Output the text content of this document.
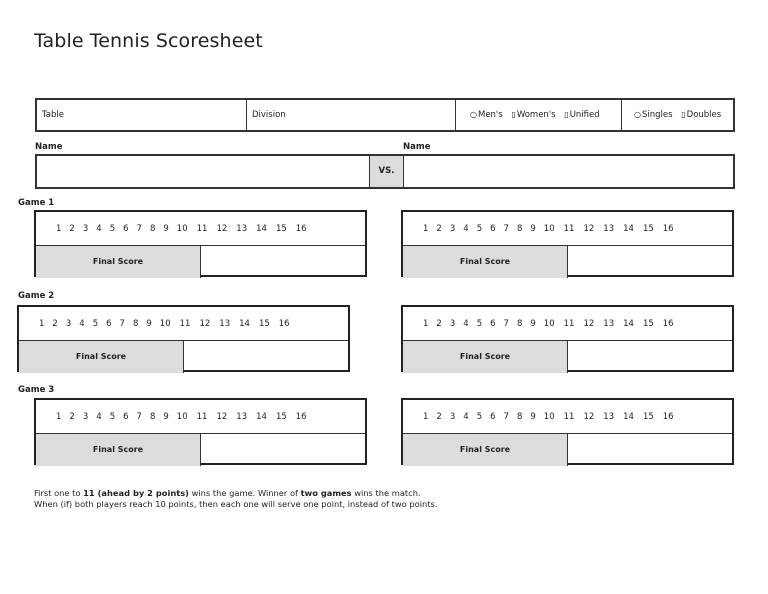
Table Tennis Scoresheet
Table	Division	○Men's ▯Women's ▯Unified	○Singles ▯Doubles
Name	Name
VS.
Game 1
Game 2
Game 3
1 2 3 4 5 6 7 8 9 10 11 12 13 14 15 16
Final Score
1 2 3 4 5 6 7 8 9 10 11 12 13 14 15 16
Final Score
1 2 3 4 5 6 7 8 9 10 11 12 13 14 15 16
Final Score
1 2 3 4 5 6 7 8 9 10 11 12 13 14 15 16
Final Score
1 2 3 4 5 6 7 8 9 10 11 12 13 14 15 16
Final Score
1 2 3 4 5 6 7 8 9 10 11 12 13 14 15 16
Final Score
First one to 11 (ahead by 2 points) wins the game. Winner of two games wins the match.
When (if) both players reach 10 points, then each one will serve one point, instead of two points.
